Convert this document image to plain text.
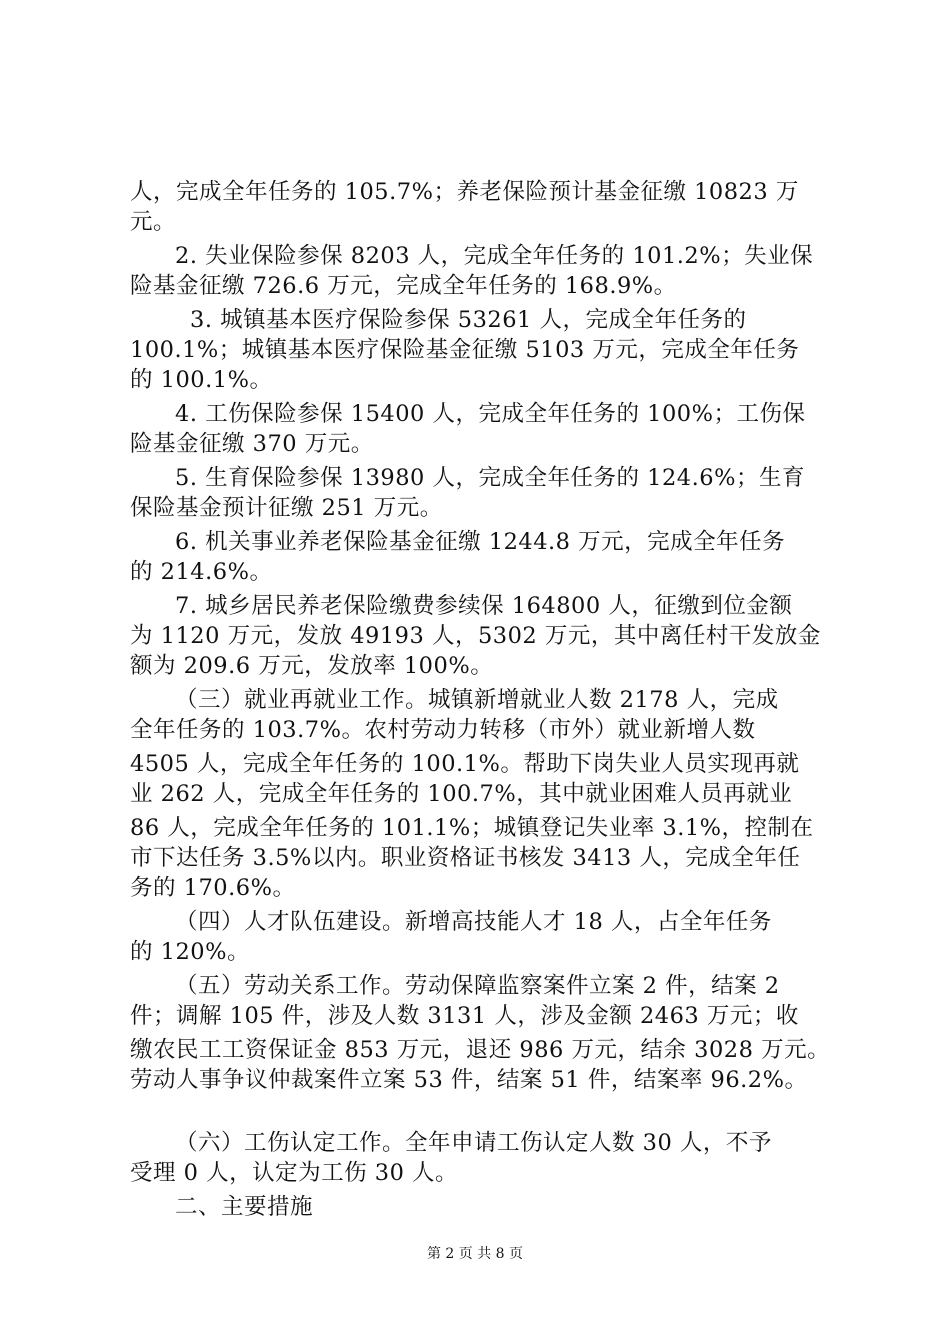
人，完成全年任务的 105.7%；养老保险预计基金征缴 10823 万
元。
2. 失业保险参保 8203 人，完成全年任务的 101.2%；失业保
险基金征缴 726.6 万元，完成全年任务的 168.9%。
3. 城镇基本医疗保险参保 53261 人，完成全年任务的
100.1%；城镇基本医疗保险基金征缴 5103 万元，完成全年任务
的 100.1%。
4. 工伤保险参保 15400 人，完成全年任务的 100%；工伤保
险基金征缴 370 万元。
5. 生育保险参保 13980 人，完成全年任务的 124.6%；生育
保险基金预计征缴 251 万元。
6. 机关事业养老保险基金征缴 1244.8 万元，完成全年任务
的 214.6%。
7. 城乡居民养老保险缴费参续保 164800 人，征缴到位金额
为 1120 万元，发放 49193 人，5302 万元，其中离任村干发放金
额为 209.6 万元，发放率 100%。
（三）就业再就业工作。城镇新增就业人数 2178 人，完成
全年任务的 103.7%。农村劳动力转移（市外）就业新增人数
4505 人，完成全年任务的 100.1%。帮助下岗失业人员实现再就
业 262 人，完成全年任务的 100.7%，其中就业困难人员再就业
86 人，完成全年任务的 101.1%；城镇登记失业率 3.1%，控制在
市下达任务 3.5%以内。职业资格证书核发 3413 人，完成全年任
务的 170.6%。
（四）人才队伍建设。新增高技能人才 18 人，占全年任务
的 120%。
（五）劳动关系工作。劳动保障监察案件立案 2 件，结案 2
件；调解 105 件，涉及人数 3131 人，涉及金额 2463 万元；收
缴农民工工资保证金 853 万元，退还 986 万元，结余 3028 万元。
劳动人事争议仲裁案件立案 53 件，结案 51 件，结案率 96.2%。
（六）工伤认定工作。全年申请工伤认定人数 30 人，不予
受理 0 人，认定为工伤 30 人。
二、主要措施
第 2 页 共 8 页
